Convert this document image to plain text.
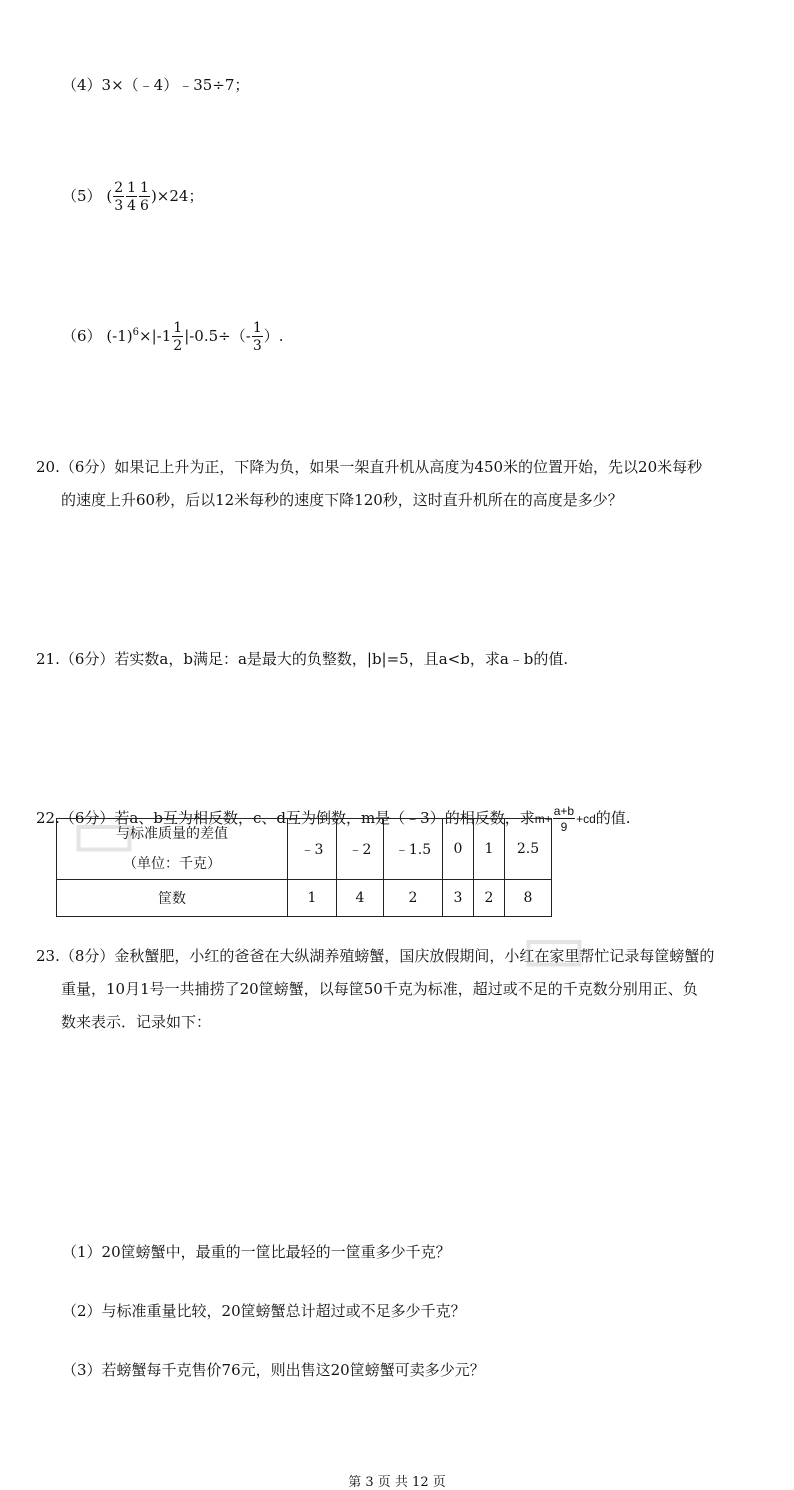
▭
▭
（4）3×（﹣4）﹣35÷7；
（5） ( $\frac{2}{3} \frac{1}{4} \frac{1}{6} )\times 24$；
（6） $(-1)^6\times|-1 \frac{1}{2} |-0.5\div(- \frac{1}{3}$ ）.
20.（6分）如果记上升为正，下降为负，如果一架直升机从高度为450米的位置开始，先以20米每秒
的速度上升60秒，后以12米每秒的速度下降120秒，这时直升机所在的高度是多少？
21.（6分）若实数a，b满足：a是最大的负整数，|b|=5，且a<b，求a﹣b的值.
22.（6分）若a、b互为相反数，c、d互为倒数，m是（﹣3）的相反数，求$m+ \frac{a+b}{9} +cd$的值.
23.（8分）金秋蟹肥，小红的爸爸在大纵湖养殖螃蟹，国庆放假期间，小红在家里帮忙记录每筐螃蟹的
重量，10月1号一共捕捞了20筐螃蟹，以每筐50千克为标准，超过或不足的千克数分别用正、负
数来表示．记录如下：
与标准质量的差值
（单位：千克）	﹣3	﹣2	﹣1.5	0	1	2.5
筐数	1	4	2	3	2	8
（1）20筐螃蟹中，最重的一筐比最轻的一筐重多少千克？
（2）与标准重量比较，20筐螃蟹总计超过或不足多少千克？
（3）若螃蟹每千克售价76元，则出售这20筐螃蟹可卖多少元？
第 3 页 共 12 页
